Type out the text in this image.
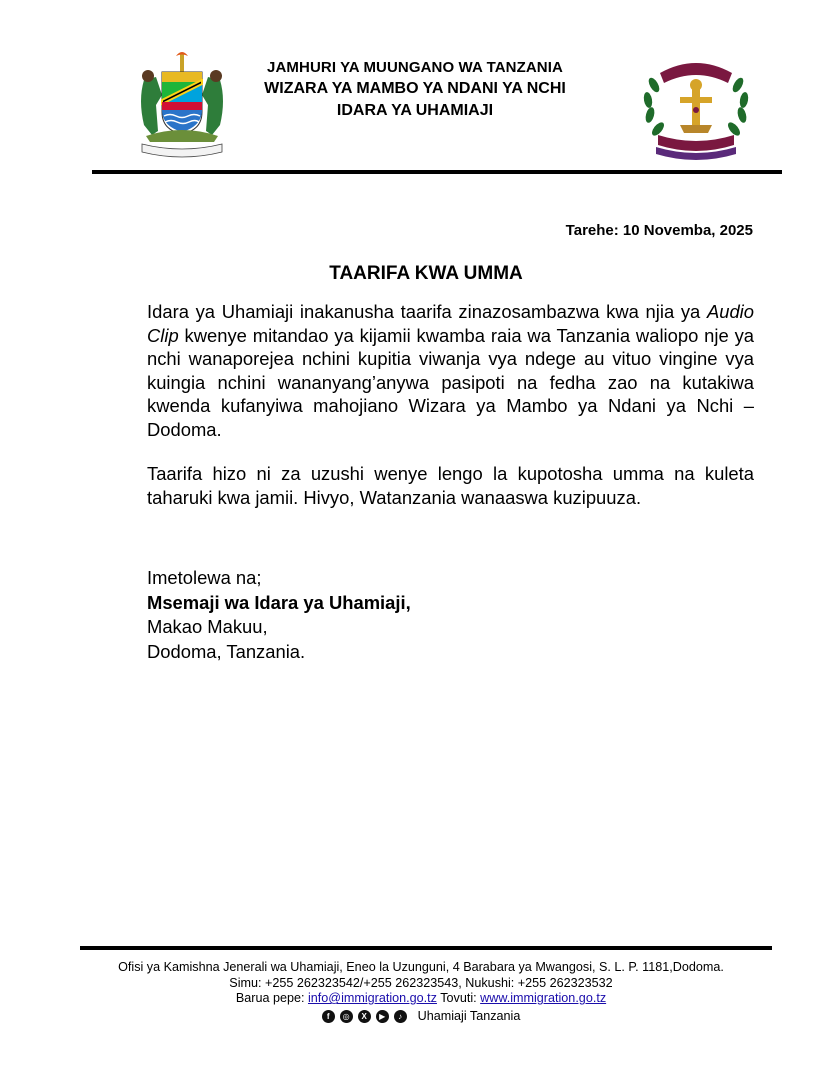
JAMHURI YA MUUNGANO WA TANZANIA
WIZARA YA MAMBO YA NDANI YA NCHI
IDARA YA UHAMIAJI
Tarehe: 10 Novemba, 2025
TAARIFA KWA UMMA
Idara ya Uhamiaji inakanusha taarifa zinazosambazwa kwa njia ya Audio Clip kwenye mitandao ya kijamii kwamba raia wa Tanzania waliopo nje ya nchi wanaporejea nchini kupitia viwanja vya ndege au vituo vingine vya kuingia nchini wananyang’anywa pasipoti na fedha zao na kutakiwa kwenda kufanyiwa mahojiano Wizara ya Mambo ya Ndani ya Nchi – Dodoma.
Taarifa hizo ni za uzushi wenye lengo la kupotosha umma na kuleta taharuki kwa jamii. Hivyo, Watanzania wanaaswa kuzipuuza.
Imetolewa na;
Msemaji wa Idara ya Uhamiaji,
Makao Makuu,
Dodoma, Tanzania.
Ofisi ya Kamishna Jenerali wa Uhamiaji, Eneo la Uzunguni, 4 Barabara ya Mwangosi, S. L. P. 1181,Dodoma.
Simu: +255 262323542/+255 262323543, Nukushi: +255 262323532
Barua pepe: info@immigration.go.tz Tovuti: www.immigration.go.tz
f	◎	X	▶	♪	Uhamiaji Tanzania
